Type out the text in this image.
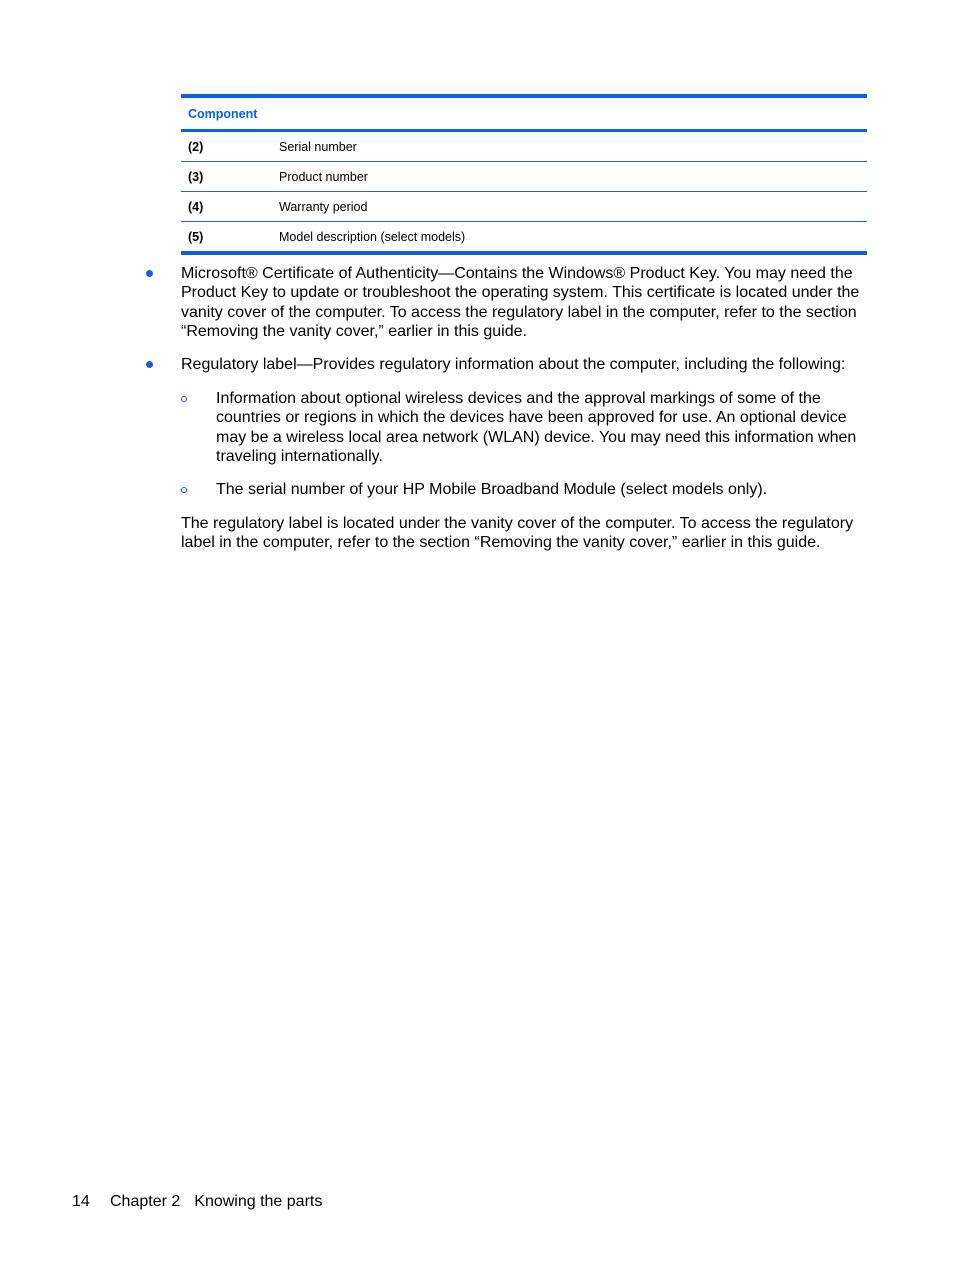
Component
(2)	Serial number
(3)	Product number
(4)	Warranty period
(5)	Model description (select models)
Microsoft® Certificate of Authenticity—Contains the Windows® Product Key. You may need the Product Key to update or troubleshoot the operating system. This certificate is located under the vanity cover of the computer. To access the regulatory label in the computer, refer to the section “Removing the vanity cover,” earlier in this guide.
Regulatory label—Provides regulatory information about the computer, including the following:
Information about optional wireless devices and the approval markings of some of the countries or regions in which the devices have been approved for use. An optional device may be a wireless local area network (WLAN) device. You may need this information when traveling internationally.
The serial number of your HP Mobile Broadband Module (select models only).
The regulatory label is located under the vanity cover of the computer. To access the regulatory label in the computer, refer to the section “Removing the vanity cover,” earlier in this guide.
14	Chapter 2 Knowing the parts
